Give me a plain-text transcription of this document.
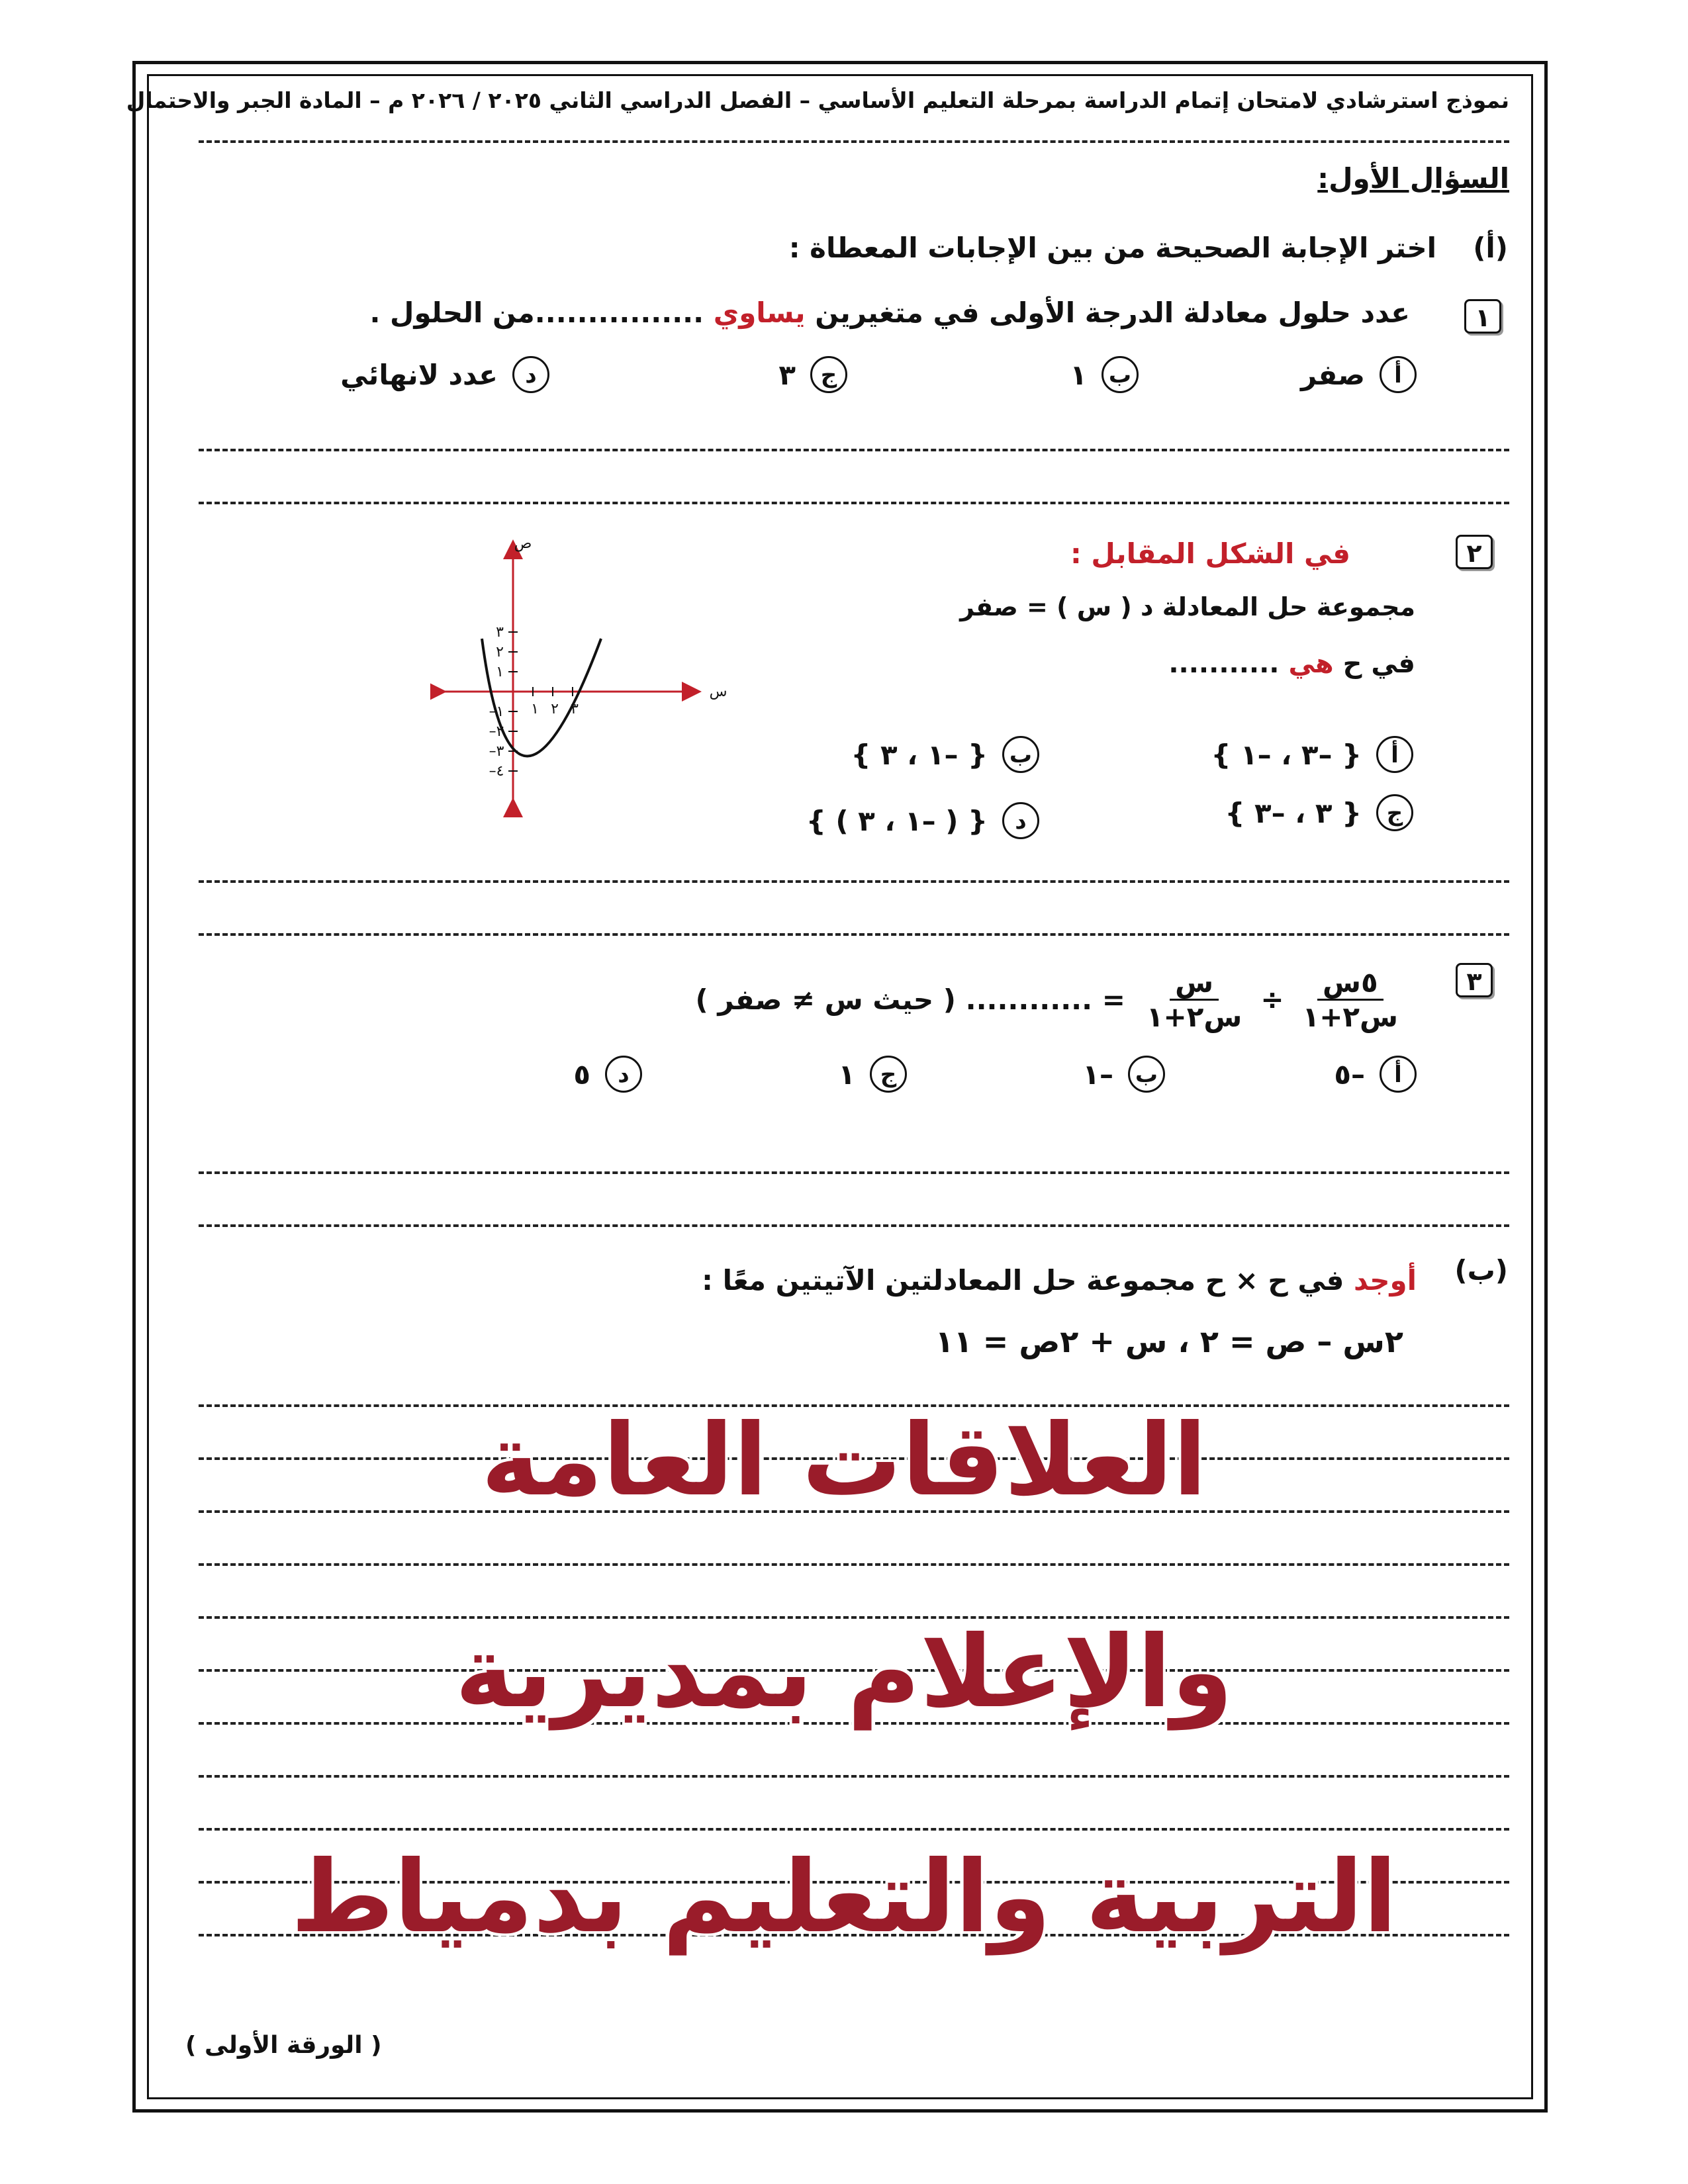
نموذج استرشادي لامتحان إتمام الدراسة بمرحلة التعليم الأساسي – الفصل الدراسي الثاني ٢٠٢٥ / ٢٠٢٦ م – المادة الجبر والاحتمال
السؤال الأول:
(أ)
اختر الإجابة الصحيحة من بين الإجابات المعطاة :
١
عدد حلول معادلة الدرجة الأولى في متغيرين يساوي ................من الحلول .
أ
صفر
ب
١
ج
٣
د
عدد لانهائي
٢
في الشكل المقابل :
مجموعة حل المعادلة د ( س ) = صفر
في ح هي ...........
أ
{ –٣ ، –١ }
ب
{ –١ ، ٣ }
ج
{ ٣ ، –٣ }
د
{ ( –١ ، ٣ ) }
ص
س
١ ٢ ٣
١
٢
٣
–١
–٢
–٣
–٤
٣
$\frac{\text{٥س}}{\text{س٢+١}}$
÷
$\frac{\text{س}}{\text{س٢+١}}$
= ............ ( حيث س ≠ صفر )
أ
–٥
ب
–١
ج
١
د
٥
(ب)
أوجد في ح × ح مجموعة حل المعادلتين الآتيتين معًا :
٢س – ص = ٢ ، س + ٢ص = ١١
العلاقات العامة
والإعلام بمديرية
التربية والتعليم بدمياط
( الورقة الأولى )
